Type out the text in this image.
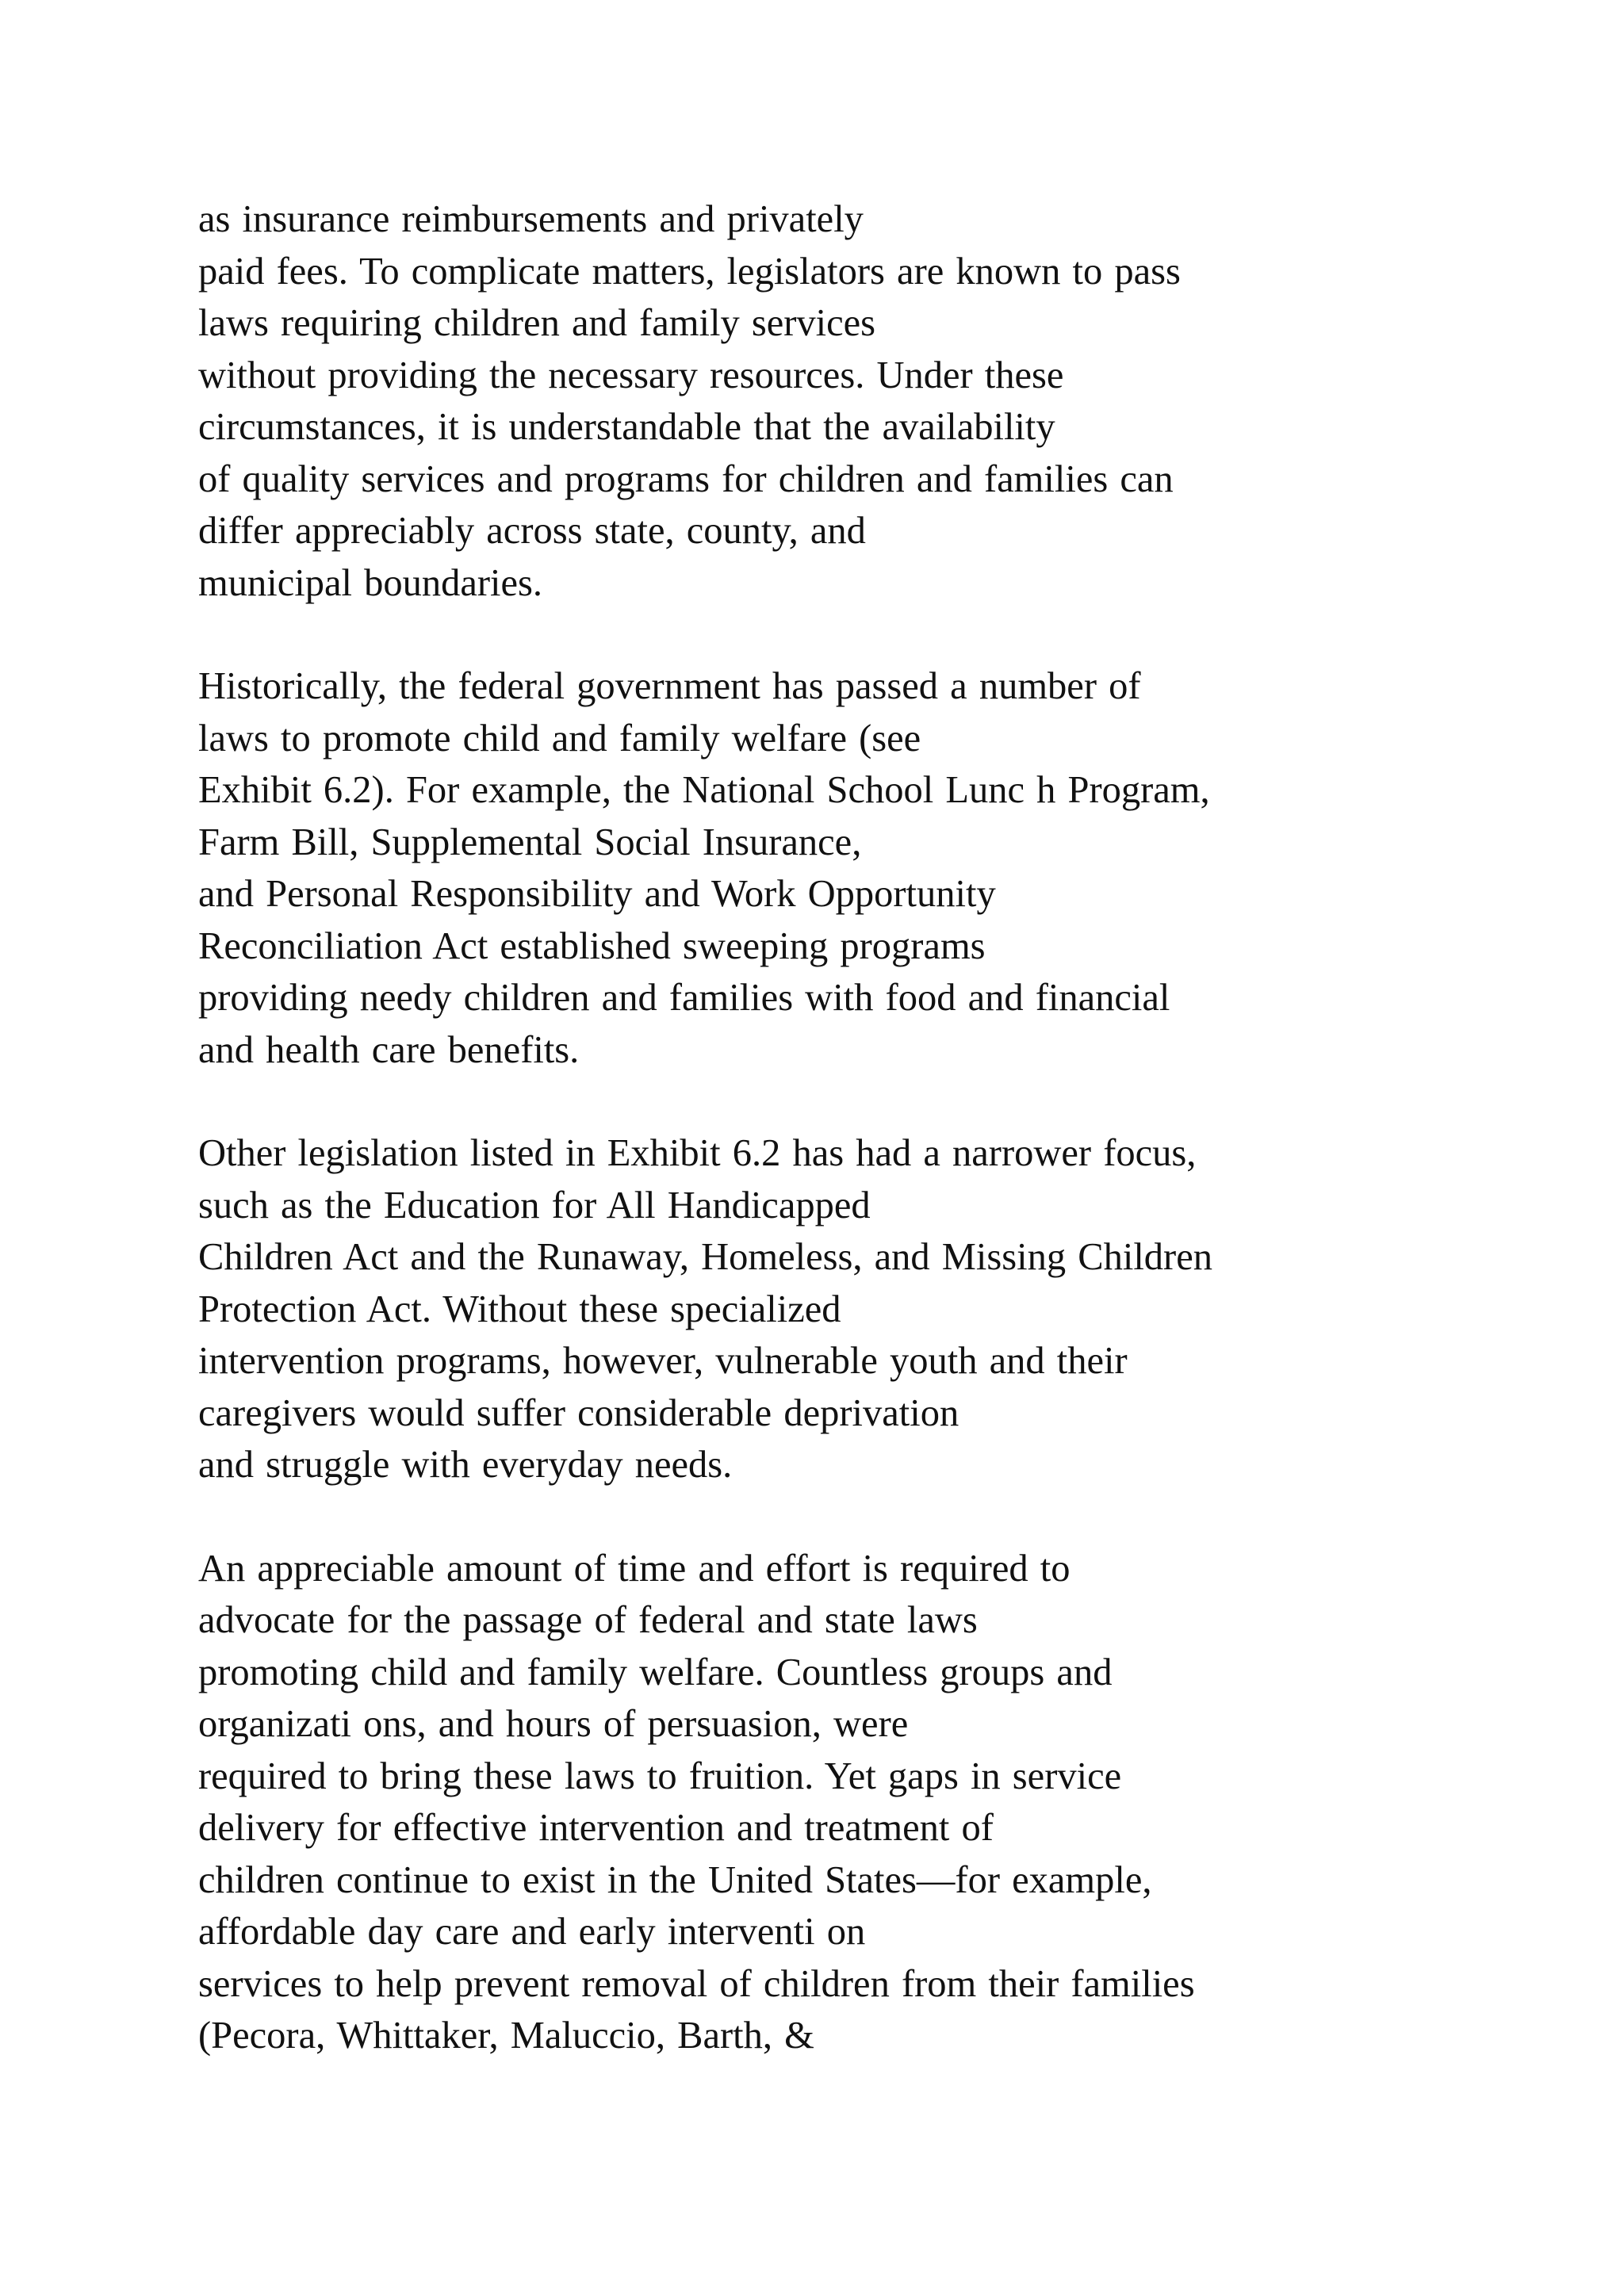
as insurance reimbursements and privately
paid fees. To complicate matters, legislators are known to pass
laws requiring children and family services
without providing the necessary resources. Under these
circumstances, it is understandable that the availability
of quality services and programs for children and families can
differ appreciably across state, county, and
municipal boundaries.
Historically, the federal government has passed a number of
laws to promote child and family welfare (see
Exhibit 6.2). For example, the National School Lunc h Program,
Farm Bill, Supplemental Social Insurance,
and Personal Responsibility and Work Opportunity
Reconciliation Act established sweeping programs
providing needy children and families with food and financial
and health care benefits.
Other legislation listed in Exhibit 6.2 has had a narrower focus,
such as the Education for All Handicapped
Children Act and the Runaway, Homeless, and Missing Children
Protection Act. Without these specialized
intervention programs, however, vulnerable youth and their
caregivers would suffer considerable deprivation
and struggle with everyday needs.
An appreciable amount of time and effort is required to
advocate for the passage of federal and state laws
promoting child and family welfare. Countless groups and
organizati ons, and hours of persuasion, were
required to bring these laws to fruition. Yet gaps in service
delivery for effective intervention and treatment of
children continue to exist in the United States—for example,
affordable day care and early interventi on
services to help prevent removal of children from their families
(Pecora, Whittaker, Maluccio, Barth, &
